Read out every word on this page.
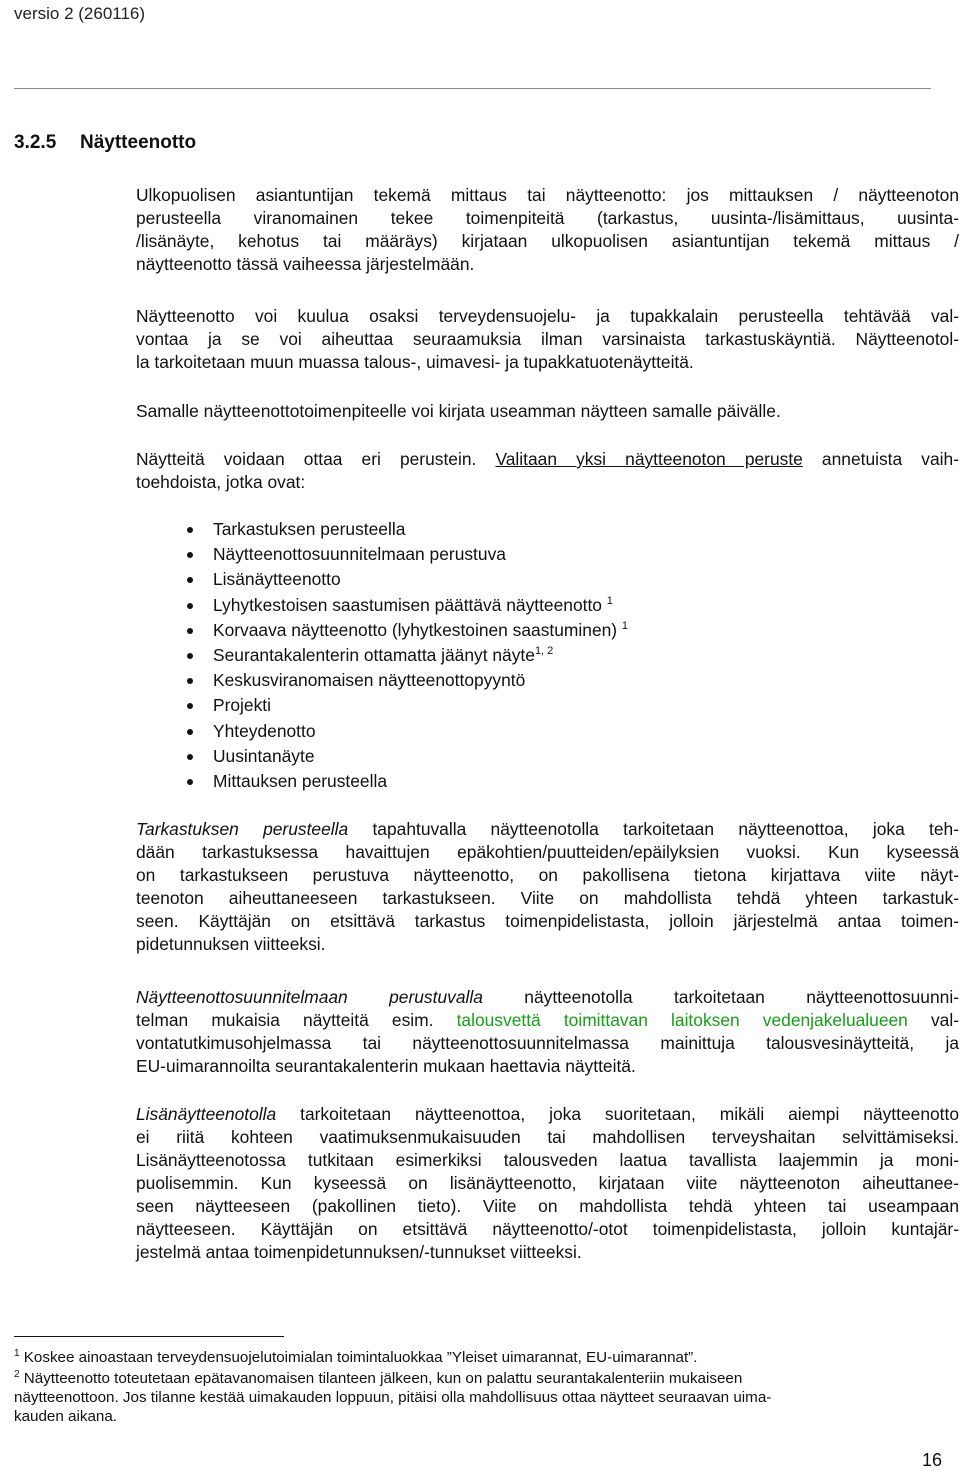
versio 2 (260116)
3.2.5 Näytteenotto
Ulkopuolisen asiantuntijan tekemä mittaus tai näytteenotto: jos mittauksen / näytteenoton
perusteella viranomainen tekee toimenpiteitä (tarkastus, uusinta-/lisämittaus, uusinta-
/lisänäyte, kehotus tai määräys) kirjataan ulkopuolisen asiantuntijan tekemä mittaus /
näytteenotto tässä vaiheessa järjestelmään.
Näytteenotto voi kuulua osaksi terveydensuojelu- ja tupakkalain perusteella tehtävää val-
vontaa ja se voi aiheuttaa seuraamuksia ilman varsinaista tarkastuskäyntiä. Näytteenotol-
la tarkoitetaan muun muassa talous-, uimavesi- ja tupakkatuotenäytteitä.
Samalle näytteenottotoimenpiteelle voi kirjata useamman näytteen samalle päivälle.
Näytteitä voidaan ottaa eri perustein. Valitaan yksi näytteenoton peruste annetuista vaih-
toehdoista, jotka ovat:
Tarkastuksen perusteella
Näytteenottosuunnitelmaan perustuva
Lisänäytteenotto
Lyhytkestoisen saastumisen päättävä näytteenotto $^1$
Korvaava näytteenotto (lyhytkestoinen saastuminen) $^1$
Seurantakalenterin ottamatta jäänyt näyte$^{1, 2}$
Keskusviranomaisen näytteenottopyyntö
Projekti
Yhteydenotto
Uusintanäyte
Mittauksen perusteella
Tarkastuksen perusteella tapahtuvalla näytteenotolla tarkoitetaan näytteenottoa, joka teh-
dään tarkastuksessa havaittujen epäkohtien/puutteiden/epäilyksien vuoksi. Kun kyseessä
on tarkastukseen perustuva näytteenotto, on pakollisena tietona kirjattava viite näyt-
teenoton aiheuttaneeseen tarkastukseen. Viite on mahdollista tehdä yhteen tarkastuk-
seen. Käyttäjän on etsittävä tarkastus toimenpidelistasta, jolloin järjestelmä antaa toimen-
pidetunnuksen viitteeksi.
Näytteenottosuunnitelmaan perustuvalla näytteenotolla tarkoitetaan näytteenottosuunni-
telman mukaisia näytteitä esim. talousvettä toimittavan laitoksen vedenjakelualueen val-
vontatutkimusohjelmassa tai näytteenottosuunnitelmassa mainittuja talousvesinäytteitä, ja
EU-uimarannoilta seurantakalenterin mukaan haettavia näytteitä.
Lisänäytteenotolla tarkoitetaan näytteenottoa, joka suoritetaan, mikäli aiempi näytteenotto
ei riitä kohteen vaatimuksenmukaisuuden tai mahdollisen terveyshaitan selvittämiseksi.
Lisänäytteenotossa tutkitaan esimerkiksi talousveden laatua tavallista laajemmin ja moni-
puolisemmin. Kun kyseessä on lisänäytteenotto, kirjataan viite näytteenoton aiheuttanee-
seen näytteeseen (pakollinen tieto). Viite on mahdollista tehdä yhteen tai useampaan
näytteeseen. Käyttäjän on etsittävä näytteenotto/-otot toimenpidelistasta, jolloin kuntajär-
jestelmä antaa toimenpidetunnuksen/-tunnukset viitteeksi.
$^1$ Koskee ainoastaan terveydensuojelutoimialan toimintaluokkaa ”Yleiset uimarannat, EU-uimarannat”.
$^2$ Näytteenotto toteutetaan epätavanomaisen tilanteen jälkeen, kun on palattu seurantakalenteriin mukaiseen
näytteenottoon. Jos tilanne kestää uimakauden loppuun, pitäisi olla mahdollisuus ottaa näytteet seuraavan uima-
kauden aikana.
16
